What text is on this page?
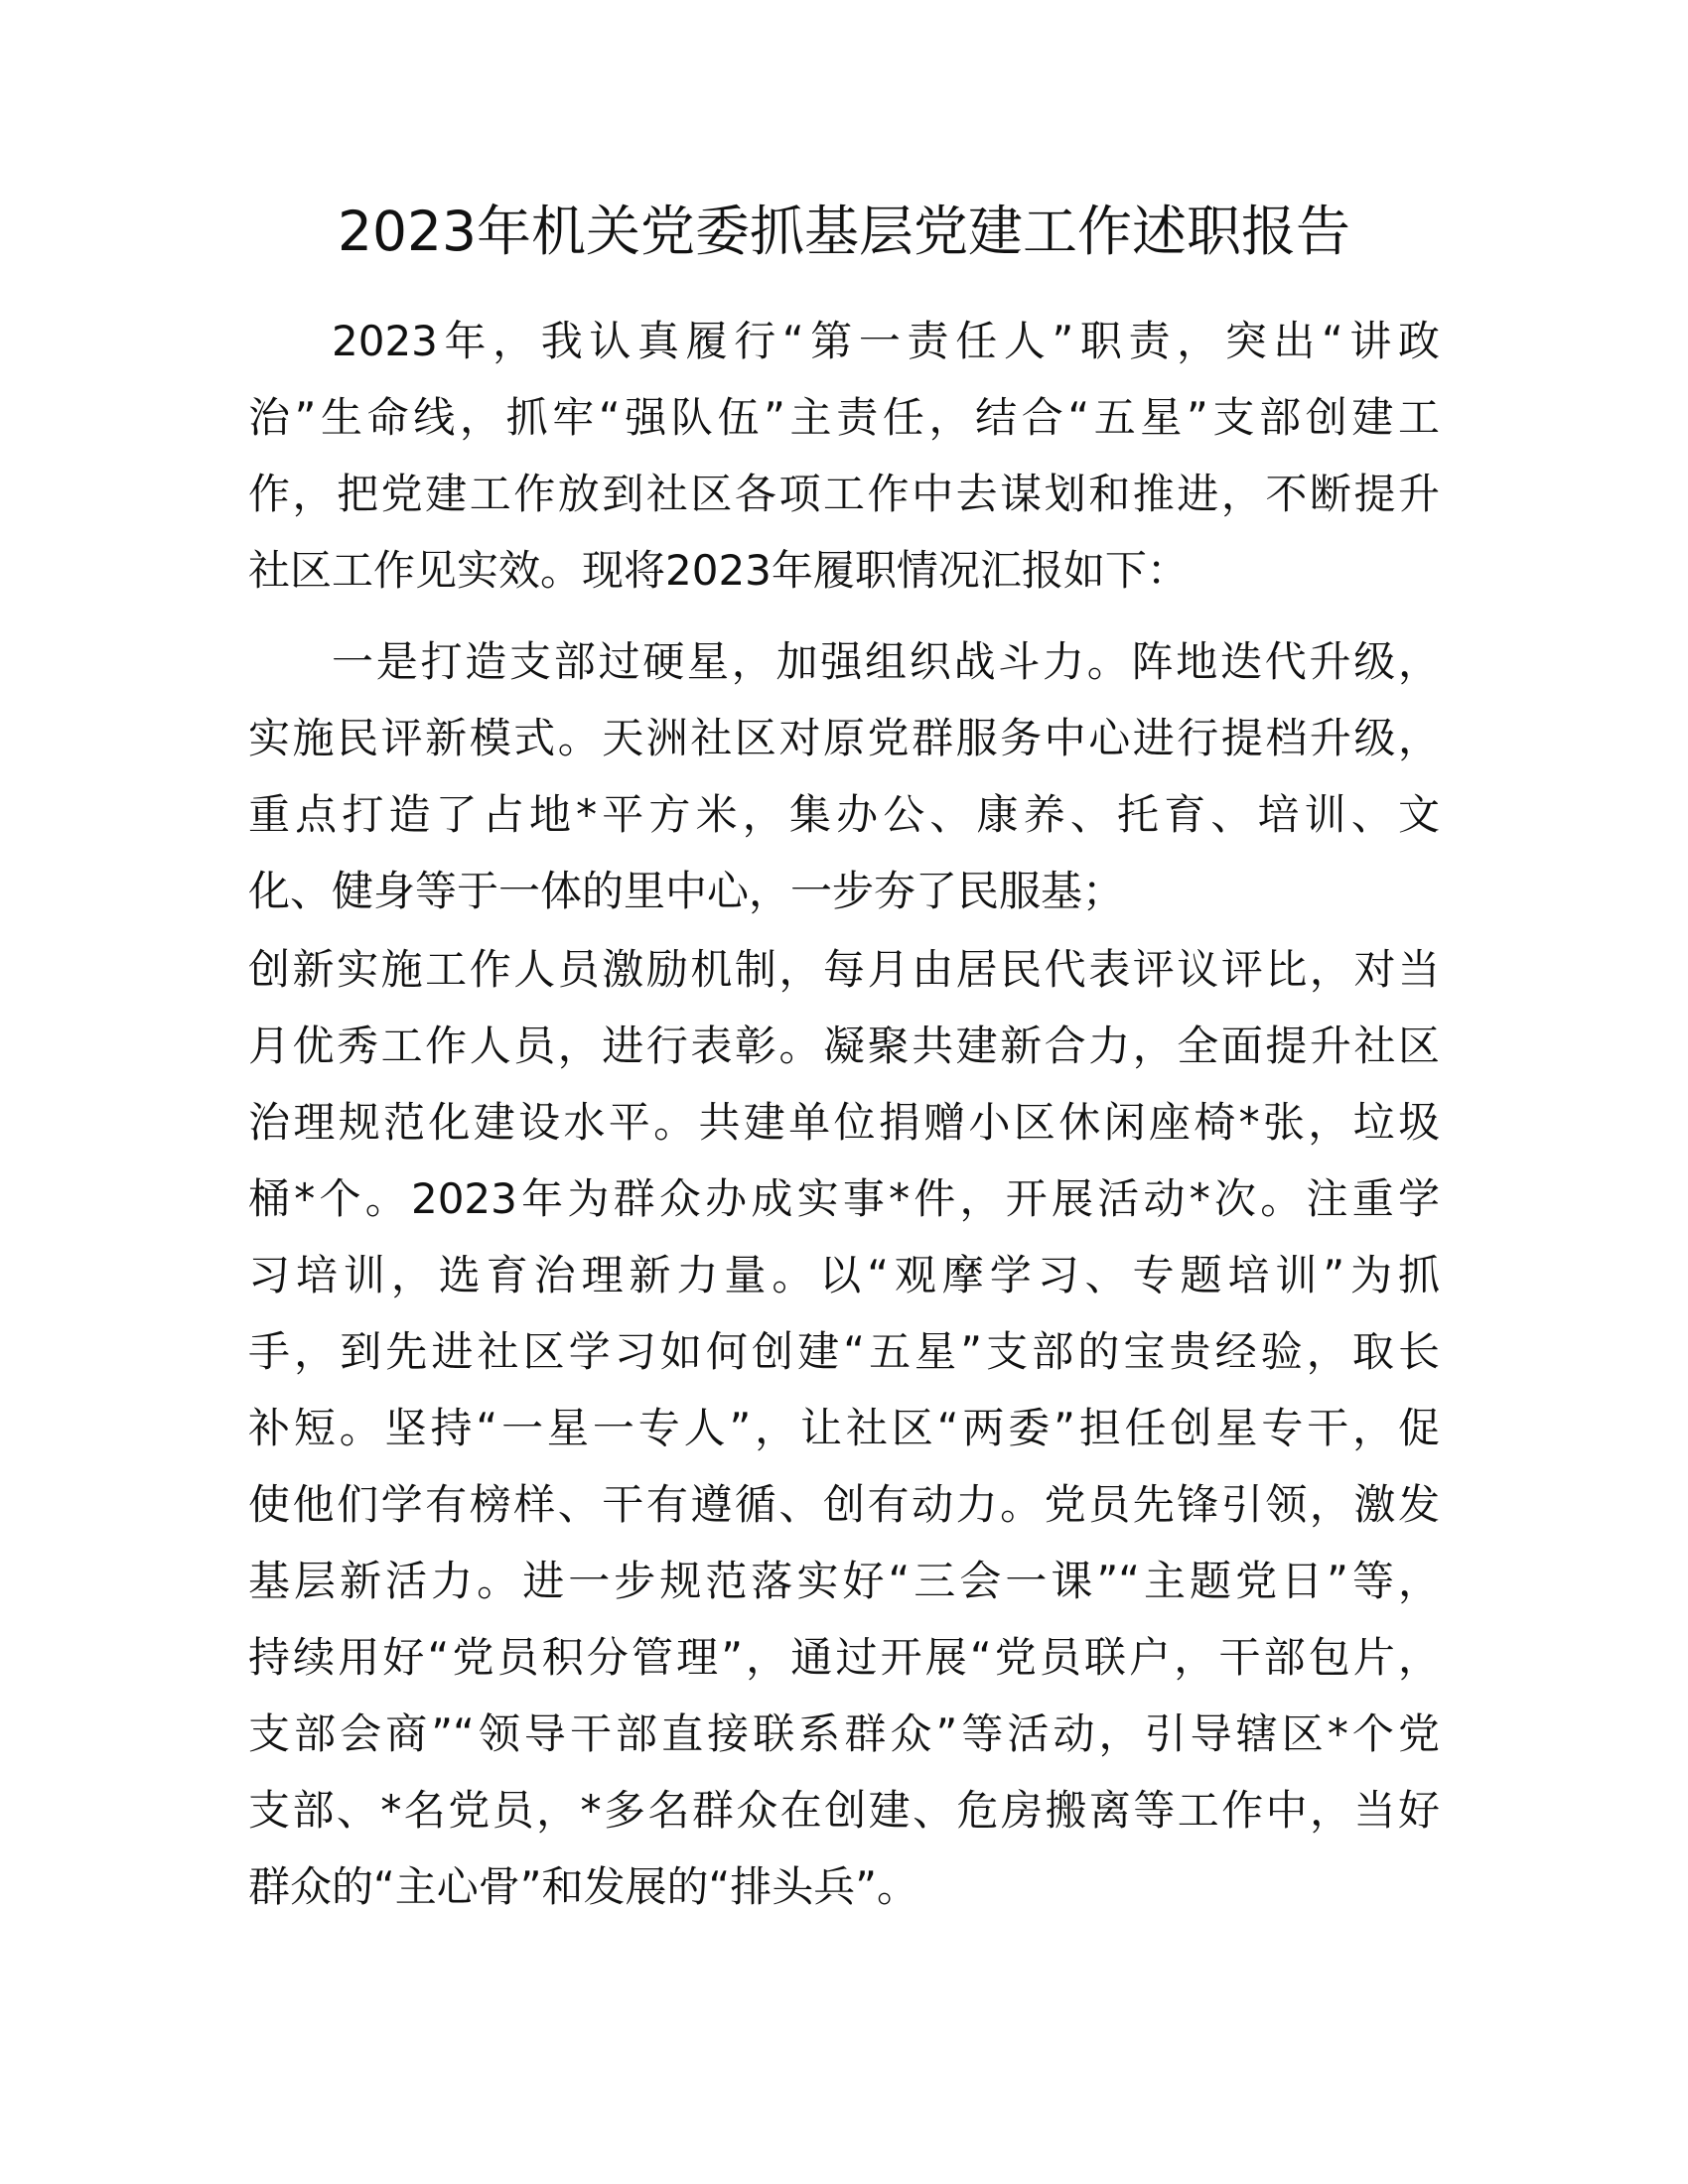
2023年机关党委抓基层党建工作述职报告
2023年，我认真履行“第一责任人”职责，突出“讲政
治”生命线，抓牢“强队伍”主责任，结合“五星”支部创建工
作，把党建工作放到社区各项工作中去谋划和推进，不断提升
社区工作见实效。现将2023年履职情况汇报如下：
一是打造支部过硬星，加强组织战斗力。阵地迭代升级，
实施民评新模式。天洲社区对原党群服务中心进行提档升级，
重点打造了占地*平方米，集办公、康养、托育、培训、文
化、健身等于一体的里中心，一步夯了民服基；
创新实施工作人员激励机制，每月由居民代表评议评比，对当
月优秀工作人员，进行表彰。凝聚共建新合力，全面提升社区
治理规范化建设水平。共建单位捐赠小区休闲座椅*张，垃圾
桶*个。2023年为群众办成实事*件，开展活动*次。注重学
习培训，选育治理新力量。以“观摩学习、专题培训”为抓
手，到先进社区学习如何创建“五星”支部的宝贵经验，取长
补短。坚持“一星一专人”，让社区“两委”担任创星专干，促
使他们学有榜样、干有遵循、创有动力。党员先锋引领，激发
基层新活力。进一步规范落实好“三会一课”“主题党日”等，
持续用好“党员积分管理”，通过开展“党员联户，干部包片，
支部会商”“领导干部直接联系群众”等活动，引导辖区*个党
支部、*名党员，*多名群众在创建、危房搬离等工作中，当好
群众的“主心骨”和发展的“排头兵”。
